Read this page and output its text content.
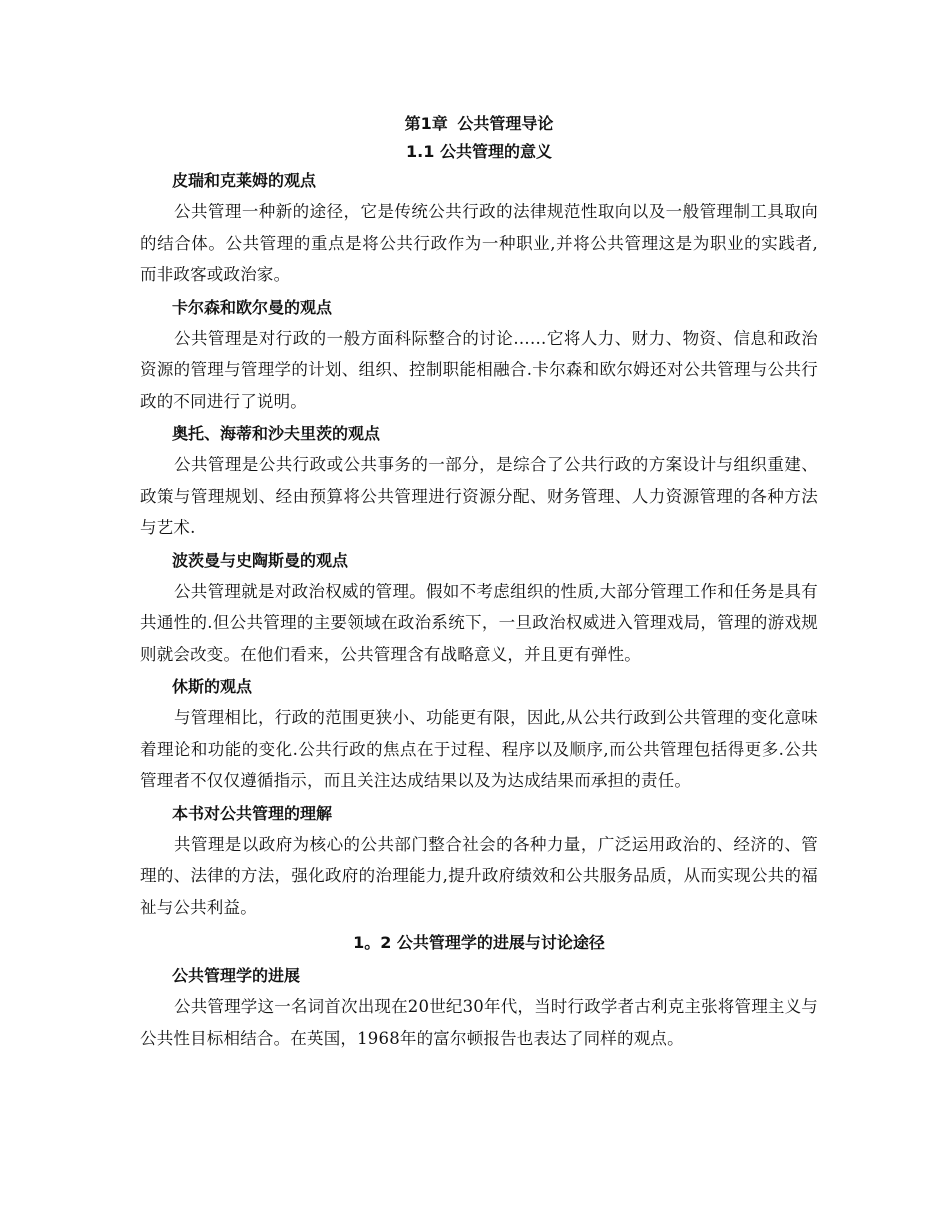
第1章 公共管理导论
1.1 公共管理的意义
皮瑞和克莱姆的观点

公共管理一种新的途径，它是传统公共行政的法律规范性取向以及一般管理制工具取向的结合体。公共管理的重点是将公共行政作为一种职业,并将公共管理这是为职业的实践者,而非政客或政治家。

卡尔森和欧尔曼的观点

公共管理是对行政的一般方面科际整合的讨论……它将人力、财力、物资、信息和政治资源的管理与管理学的计划、组织、控制职能相融合.卡尔森和欧尔姆还对公共管理与公共行政的不同进行了说明。

奥托、海蒂和沙夫里茨的观点

公共管理是公共行政或公共事务的一部分，是综合了公共行政的方案设计与组织重建、政策与管理规划、经由预算将公共管理进行资源分配、财务管理、人力资源管理的各种方法与艺术.

波茨曼与史陶斯曼的观点

公共管理就是对政治权威的管理。假如不考虑组织的性质,大部分管理工作和任务是具有共通性的.但公共管理的主要领域在政治系统下，一旦政治权威进入管理戏局，管理的游戏规则就会改变。在他们看来，公共管理含有战略意义，并且更有弹性。

休斯的观点

与管理相比，行政的范围更狭小、功能更有限，因此,从公共行政到公共管理的变化意味着理论和功能的变化.公共行政的焦点在于过程、程序以及顺序,而公共管理包括得更多.公共管理者不仅仅遵循指示，而且关注达成结果以及为达成结果而承担的责任。

本书对公共管理的理解

共管理是以政府为核心的公共部门整合社会的各种力量，广泛运用政治的、经济的、管理的、法律的方法，强化政府的治理能力,提升政府绩效和公共服务品质，从而实现公共的福祉与公共利益。

1。2 公共管理学的进展与讨论途径
公共管理学的进展

公共管理学这一名词首次出现在20世纪30年代，当时行政学者古利克主张将管理主义与公共性目标相结合。在英国，1968年的富尔顿报告也表达了同样的观点。
